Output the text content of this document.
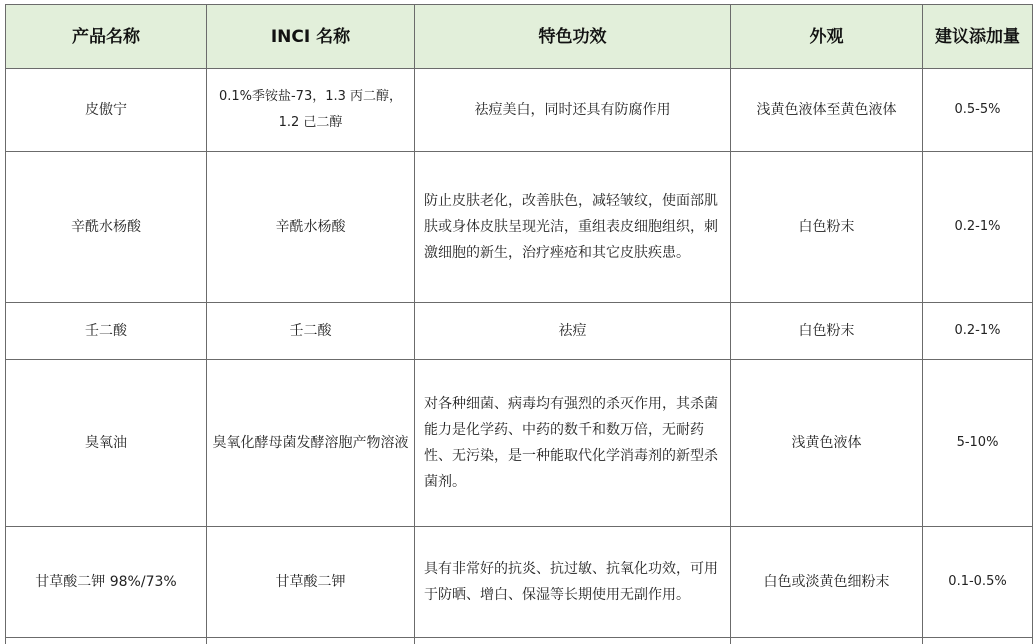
产品名称	INCI 名称	特色功效	外观	建议添加量
皮傲宁	0.1%季铵盐-73，1.3 丙二醇，1.2 己二醇	祛痘美白，同时还具有防腐作用	浅黄色液体至黄色液体	0.5-5%
辛酰水杨酸	辛酰水杨酸	防止皮肤老化，改善肤色，减轻皱纹，使面部肌肤或身体皮肤呈现光洁，重组表皮细胞组织，刺激细胞的新生，治疗痤疮和其它皮肤疾患。	白色粉末	0.2-1%
壬二酸	壬二酸	祛痘	白色粉末	0.2-1%
臭氧油	臭氧化酵母菌发酵溶胞产物溶液	对各种细菌、病毒均有强烈的杀灭作用，其杀菌能力是化学药、中药的数千和数万倍，无耐药性、无污染，是一种能取代化学消毒剂的新型杀菌剂。	浅黄色液体	5-10%
甘草酸二钾 98%/73%	甘草酸二钾	具有非常好的抗炎、抗过敏、抗氧化功效，可用于防晒、增白、保湿等长期使用无副作用。	白色或淡黄色细粉末	0.1-0.5%
